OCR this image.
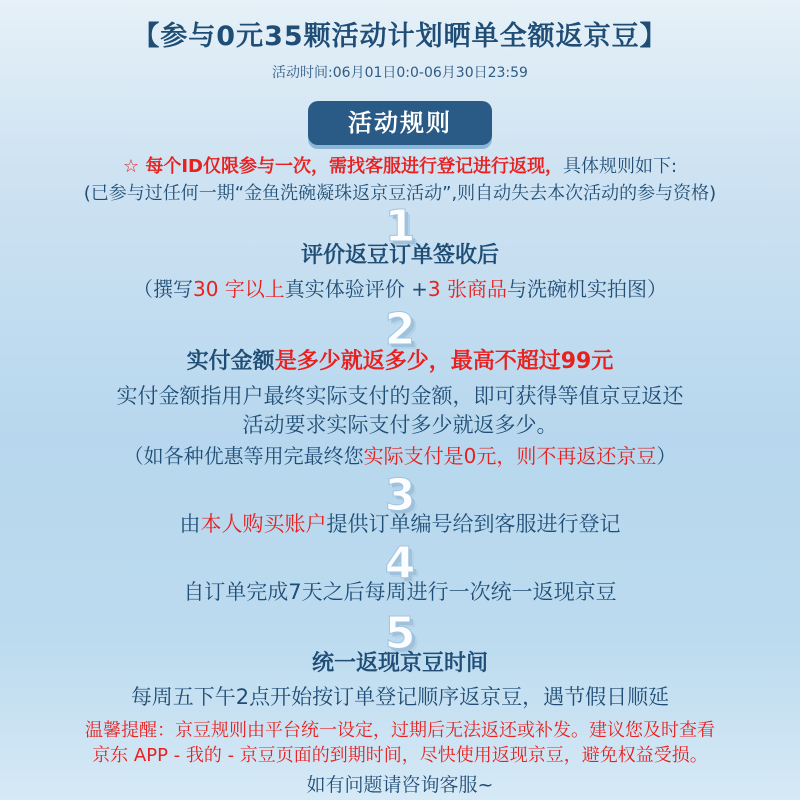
【参与0元35颗活动计划晒单全额返京豆】
活动时间:06月01日0:0-06月30日23:59
活动规则
☆ 每个ID仅限参与一次，需找客服进行登记进行返现，具体规则如下:
(已参与过任何一期“金鱼洗碗凝珠返京豆活动”,则自动失去本次活动的参与资格)
1
评价返豆订单签收后
（撰写30 字以上真实体验评价 +3 张商品与洗碗机实拍图）
2
实付金额是多少就返多少，最高不超过99元
实付金额指用户最终实际支付的金额，即可获得等值京豆返还
活动要求实际支付多少就返多少。
（如各种优惠等用完最终您实际支付是0元，则不再返还京豆）
3
由本人购买账户提供订单编号给到客服进行登记
4
自订单完成7天之后每周进行一次统一返现京豆
5
统一返现京豆时间
每周五下午2点开始按订单登记顺序返京豆，遇节假日顺延
温馨提醒：京豆规则由平台统一设定，过期后无法返还或补发。建议您及时查看
京东 APP - 我的 - 京豆页面的到期时间，尽快使用返现京豆，避免权益受损。
如有问题请咨询客服~
